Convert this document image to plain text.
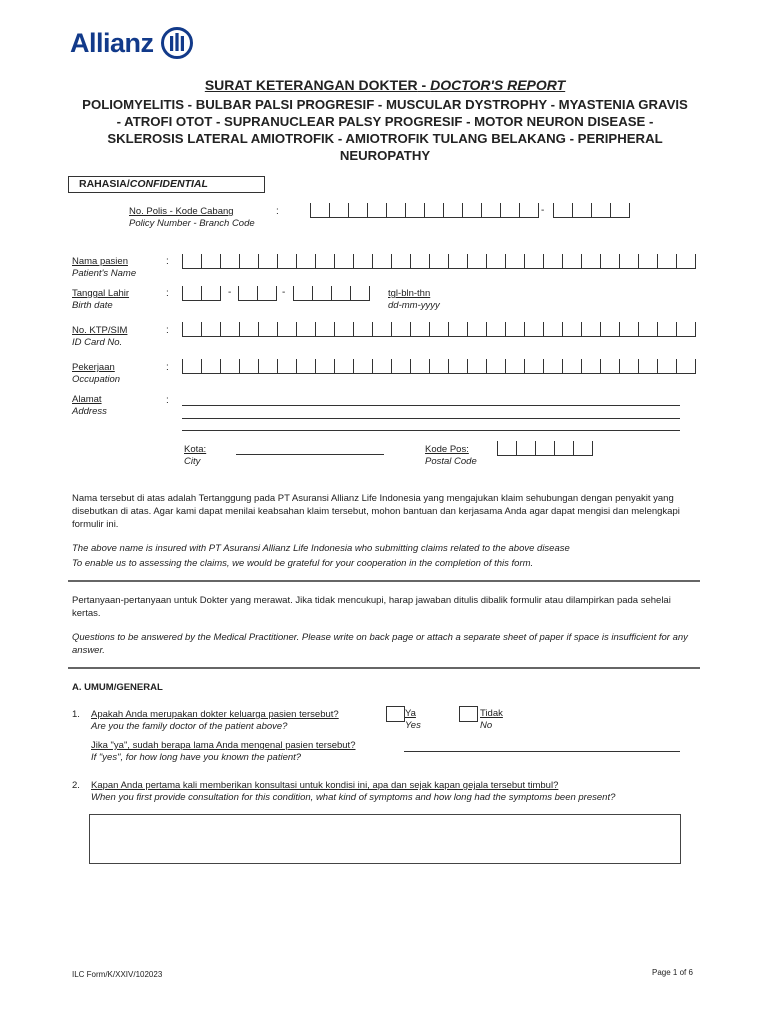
Allianz
SURAT KETERANGAN DOKTER - DOCTOR'S REPORT
POLIOMYELITIS - BULBAR PALSI PROGRESIF - MUSCULAR DYSTROPHY - MYASTENIA GRAVIS - ATROFI OTOT - SUPRANUCLEAR PALSY PROGRESIF - MOTOR NEURON DISEASE - SKLEROSIS LATERAL AMIOTROFIK - AMIOTROFIK TULANG BELAKANG - PERIPHERAL NEUROPATHY
RAHASIA/CONFIDENTIAL
No. Polis - Kode Cabang
Policy Number - Branch Code
:	-
Nama pasien
Patient's Name
:
Tanggal Lahir
Birth date
:	-	-	tgl-bln-thn
dd-mm-yyyy
No. KTP/SIM
ID Card No.
:
Pekerjaan
Occupation
:
Alamat
Address
:
Kota:
City
Kode Pos:
Postal Code
Nama tersebut di atas adalah Tertanggung pada PT Asuransi Allianz Life Indonesia yang mengajukan klaim sehubungan dengan penyakit yang disebutkan di atas. Agar kami dapat menilai keabsahan klaim tersebut, mohon bantuan dan kerjasama Anda agar dapat mengisi dan melengkapi formulir ini.
The above name is insured with PT Asuransi Allianz Life Indonesia who submitting claims related to the above disease
To enable us to assessing the claims, we would be grateful for your cooperation in the completion of this form.
Pertanyaan-pertanyaan untuk Dokter yang merawat. Jika tidak mencukupi, harap jawaban ditulis dibalik formulir atau dilampirkan pada sehelai kertas.
Questions to be answered by the Medical Practitioner. Please write on back page or attach a separate sheet of paper if space is insufficient for any answer.
A. UMUM/GENERAL
1. Apakah Anda merupakan dokter keluarga pasien tersebut?
Are you the family doctor of the patient above?
Ya
Yes
Tidak
No
Jika "ya", sudah berapa lama Anda mengenal pasien tersebut?
If "yes", for how long have you known the patient?
2. Kapan Anda pertama kali memberikan konsultasi untuk kondisi ini, apa dan sejak kapan gejala tersebut timbul?
When you first provide consultation for this condition, what kind of symptoms and how long had the symptoms been present?
ILC Form/K/XXIV/102023	Page 1 of 6
